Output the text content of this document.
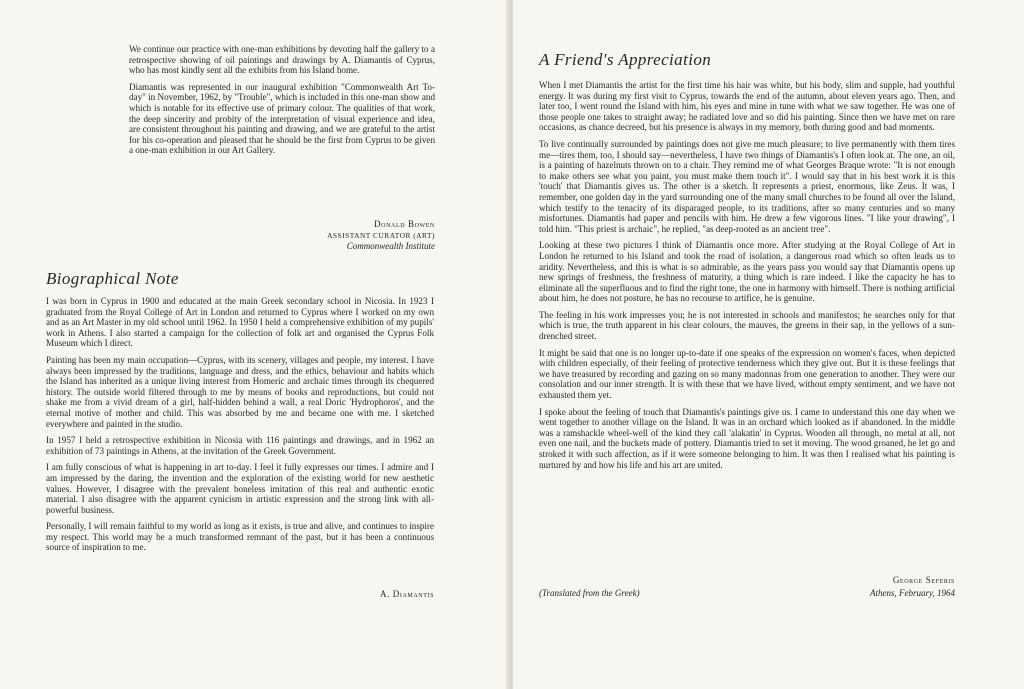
We continue our practice with one-man exhibitions by devoting half the gallery to a retrospective showing of oil paintings and drawings by A. Diamantis of Cyprus, who has most kindly sent all the exhibits from his Island home.

Diamantis was represented in our inaugural exhibition "Commonwealth Art To-day" in November, 1962, by "Trouble", which is included in this one-man show and which is notable for its effective use of primary colour. The qualities of that work, the deep sincerity and probity of the interpretation of visual experience and idea, are consistent throughout his painting and drawing, and we are grateful to the artist for his co-operation and pleased that he should be the first from Cyprus to be given a one-man exhibition in our Art Gallery.

Donald Bowen
ASSISTANT CURATOR (ART)
Commonwealth Institute
Biographical Note

I was born in Cyprus in 1900 and educated at the main Greek secondary school in Nicosia. In 1923 I graduated from the Royal College of Art in London and returned to Cyprus where I worked on my own and as an Art Master in my old school until 1962. In 1950 I held a comprehensive exhibition of my pupils' work in Athens. I also started a campaign for the collection of folk art and organised the Cyprus Folk Museum which I direct.

Painting has been my main occupation—Cyprus, with its scenery, villages and people, my interest. I have always been impressed by the traditions, language and dress, and the ethics, behaviour and habits which the Island has inherited as a unique living interest from Homeric and archaic times through its chequered history. The outside world filtered through to me by means of books and reproductions, but could not shake me from a vivid dream of a girl, half-hidden behind a wall, a real Doric 'Hydrophoros', and the eternal motive of mother and child. This was absorbed by me and became one with me. I sketched everywhere and painted in the studio.

In 1957 I held a retrospective exhibition in Nicosia with 116 paintings and drawings, and in 1962 an exhibition of 73 paintings in Athens, at the invitation of the Greek Government.

I am fully conscious of what is happening in art to-day. I feel it fully expresses our times. I admire and I am impressed by the daring, the invention and the exploration of the existing world for new aesthetic values. However, I disagree with the prevalent boneless imitation of this real and authentic exotic material. I also disagree with the apparent cynicism in artistic expression and the strong link with all-powerful business.

Personally, I will remain faithful to my world as long as it exists, is true and alive, and continues to inspire my respect. This world may be a much transformed remnant of the past, but it has been a continuous source of inspiration to me.

A. Diamantis
A Friend's Appreciation

When I met Diamantis the artist for the first time his hair was white, but his body, slim and supple, had youthful energy. It was during my first visit to Cyprus, towards the end of the autumn, about eleven years ago. Then, and later too, I went round the Island with him, his eyes and mine in tune with what we saw together. He was one of those people one takes to straight away; he radiated love and so did his painting. Since then we have met on rare occasions, as chance decreed, but his presence is always in my memory, both during good and bad moments.

To live continually surrounded by paintings does not give me much pleasure; to live permanently with them tires me—tires them, too, I should say—nevertheless, I have two things of Diamantis's I often look at. The one, an oil, is a painting of hazelnuts thrown on to a chair. They remind me of what Georges Braque wrote: "It is not enough to make others see what you paint, you must make them touch it". I would say that in his best work it is this 'touch' that Diamantis gives us. The other is a sketch. It represents a priest, enormous, like Zeus. It was, I remember, one golden day in the yard surrounding one of the many small churches to be found all over the Island, which testify to the tenacity of its disparaged people, to its traditions, after so many centuries and so many misfortunes. Diamantis had paper and pencils with him. He drew a few vigorous lines. "I like your drawing", I told him. "This priest is archaic", he replied, "as deep-rooted as an ancient tree".

Looking at these two pictures I think of Diamantis once more. After studying at the Royal College of Art in London he returned to his Island and took the road of isolation, a dangerous road which so often leads us to aridity. Nevertheless, and this is what is so admirable, as the years pass you would say that Diamantis opens up new springs of freshness, the freshness of maturity, a thing which is rare indeed. I like the capacity he has to eliminate all the superfluous and to find the right tone, the one in harmony with himself. There is nothing artificial about him, he does not posture, he has no recourse to artifice, he is genuine.

The feeling in his work impresses you; he is not interested in schools and manifestos; he searches only for that which is true, the truth apparent in his clear colours, the mauves, the greens in their sap, in the yellows of a sun-drenched street.

It might be said that one is no longer up-to-date if one speaks of the expression on women's faces, when depicted with children especially, of their feeling of protective tenderness which they give out. But it is these feelings that we have treasured by recording and gazing on so many madonnas from one generation to another. They were our consolation and our inner strength. It is with these that we have lived, without empty sentiment, and we have not exhausted them yet.

I spoke about the feeling of touch that Diamantis's paintings give us. I came to understand this one day when we went together to another village on the Island. It was in an orchard which looked as if abandoned. In the middle was a ramshackle wheel-well of the kind they call 'alakatin' in Cyprus. Wooden all through, no metal at all, not even one nail, and the buckets made of pottery. Diamantis tried to set it moving. The wood groaned, he let go and stroked it with such affection, as if it were someone belonging to him. It was then I realised what his painting is nurtured by and how his life and his art are united.

George Seferis
(Translated from the Greek)	Athens, February, 1964
